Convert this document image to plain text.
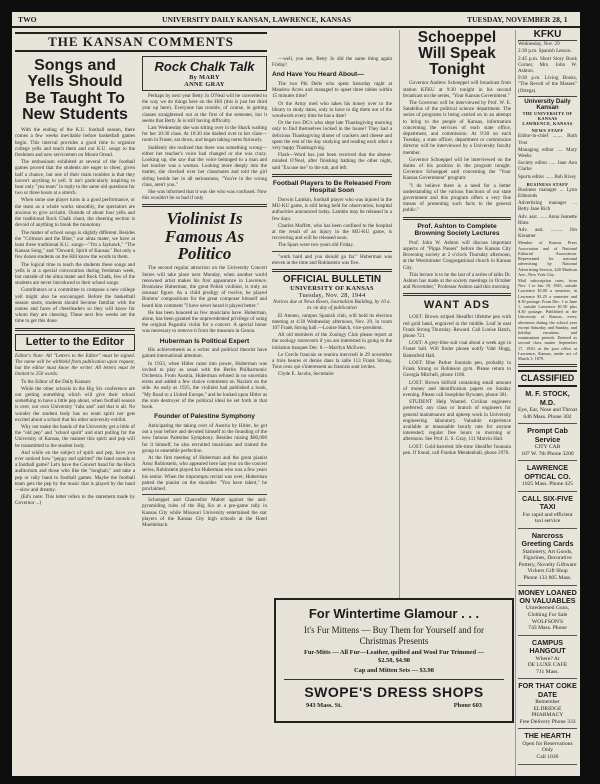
TWO	UNIVERSITY DAILY KANSAN, LAWRENCE, KANSAS	TUESDAY, NOVEMBER 28, 1
THE KANSAN COMMENTS
Songs and Yells Should Be Taught To New Students
With the ending of the K.U. football season, there comes a few weeks inevitable before basketball games begin. This interval provides a good time to organize college yells and teach them and our K.U. songs to the freshmen and new servicemen on Mount Oread.
The enthusiasm exhibited at several of the football games proved that the students are eager to cheer, given half a chance, but one of their main troubles is that they haven't anything to yell. It isn't particularly inspiring to hear only "yea team" in reply to the same old questions for two or three hours at a stretch.
When some one player turns in a good performance, or the team as a whole works smoothly, the spectators are anxious to give acclaim. Outside of about four yells and the traditional Rock Chalk chant, the cheering section is devoid of anything to break the monotony.
The matter of school songs is slightly different. Besides the "Crimson and the Blue," our alma mater, we have at least three traditional K.U. songs—"I'm a Jayhawk," "The Kansas Song," and "Onward, Spirit of Kansas." But only a few dozen students on the Hill know the words to them.
The logical time to teach the students these songs and yells is at a special convocation during freshman week, but outside of the alma mater and Rock Chalk, few of the students are never introduced to their school songs.
Contributors or a committee to compose a new college yell might also be encouraged. Before the basketball season starts, students should become familiar with the names and faces of cheerleaders so they will know for whom they are cheering. These next few weeks are the time to get this done.
Letter to the Editor
Editor's Note: All "Letters to the Editor" must be signed. The name will be withheld from publication upon request, but the editor must know the writer. All letters must be limited to 250 words.
To the Editor of the Daily Kansan:
While the other schools in the Big Six conference are out getting something which will give their school something to have a little pep about, when football season is over, our own University "rahs and" and that is all. No wonder the student body has no team spirit nor gets excited about a school that his other university exhibit.
Why not make the bands of the University get a little of the "old pep" and "school spirit" and start pulling for the University of Kansas, the manner this spirit and pep will be transmitted to the student body.
And while on the subject of spirit and pep, have you ever noticed how "peppy and spirited" the band sounds at a football game? Let's have the Concert band for the Hoch auditorium and those who like the "longhair," and take a pep or rally band to football games. Maybe the football team gets the pep by the music that is played by the band—slow and dreamy.
(Ed's note: This letter refers to the statement made by Governor ...)
Rock Chalk Talk
By MARY
ANNE GRAY
Perhaps by next year Betty Jo O'Neal will be converted to the way we do things here on the Hill (this is just her third year up here). Everyone has trouble, of course, in getting classes straightened out at the first of the semester, but it seems that Betty Jo is still having difficulty.
Last Wednesday she was sitting over in the Shack waiting for her 10:30 class. At 10:30 she dashed over to her class—room in Fraser, sat down, and began taking notes furiously.
Suddenly she realized that there was something wrong—either her teacher's voice had changed or she was crazy. Looking up, she saw that the voice belonged to a man and her teacher was a woman. Looking more deeply into the matter, she checked over her classmates and told the girl sitting beside her in all seriousness, "You're in the wrong class, aren't you."
She was informed that it was she who was confused. Now this wouldn't be so bad if only
Violinist Is Famous As Politico
The second regular attraction on the University Concert Series will take place next Monday, when another world renowned artist makes his first appearance in Lawrence. Bronislaw Huberman, the great Polish violinist, is truly an unusual figure. As a child prodigy of twelve, he played Brahms' compositions for the great composer himself and heard him comment "I have never heard it played better."
He has been honored as few musicians have. Huberman, alone, has been granted the unprecedented privilege of using the original Paganini violin for a concert. A special honor was necessary to remove it from the museum in Genoa.
Huberman Is Political Expert
His achievements as a writer and political theorist have gained international attention.
In 1933, when Hitler came into power, Huberman was invited to play as usual with the Berlin Philharmonic Orchestra. From Austria, Huberman refused in no uncertain terms and added a few choice comments on Nazism on the side. As early as 1925, the violinist had published a book, "My Road to a United Europe," and he looked upon Hitler as the sure destroyer of the political ideal he set forth in that book.
Founder of Palestine Symphony
Anticipating the taking over of Austria by Hitler, he got out a year before and devoted himself to the founding of the now famous Palestine Symphony. Besides raising $80,000 for it himself, he also recruited musicians and trained the group to ensemble perfection.
At the first meeting of Huberman and the great pianist Artur Rubinstein, who appeared here last year on the concert series, Rubinstein played for Huberman who was a few years his senior. When the impromptu recital was over, Huberman patted the pianist on the shoulder. "You have talent," he proclaimed.
Schoeppel and Chancellor Malott against the anti-pyramiding rules of the Big Six at a pre-game rally in Kansas City while Missouri University entertained the star players of the Kansas City high schools at the Hotel Muehlebach.
—well, you see, Betty Jo did the same thing again Friday!
And Have You Heard About—
The two Phi Delts who spent Saturday night at Meadow Acres and managed to upset three tables within 15 minutes time?
Or the Army med who takes his honey over to the library to study dates, only to have to dig them out of the woodwork every time he has a date?
Or the two DG's who slept late Thanksgiving morning only to find themselves locked in the house? They had a delicious Thanksgiving dinner of crackers and cheese and spent the rest of the day studying and reading each other a very happy Thanksgiving.
Flash—Word has just been received that the absent-minded O'Neal, after finishing bathing the other night, said "Excuse me" to the tub, and left.
Football Players to Be Released From Hospital Soon
Dorwin Lamkin, football player who was injured in the MU-KU game, is still being held for observation, hospital authorities announced today. Lamkin may be released in a few days.
Charles Moffett, who has been confined to the hospital at the result of an injury in the MU-KU game, is recovering and will be released soon.
The Spars were two years old Friday.
"work hard and you should go far." Huberman was eleven at the time and Rubinstein was five.
OFFICIAL BULLETIN
UNIVERSITY OF KANSAS
Tuesday, Nov. 28, 1944
Notices due at News Room, Journalism Building, by 10 a. m. on day of publication
El Ateneo, campus Spanish club, will hold its election meeting at 4:30 Wednesday afternoon, Nov. 29, in room 107 Frank Strong hall.—Louise Hatch, vice-president.
All old members of the Zoology Club please report at the zoology storeroom if you are interested in going to the initiation banquet Dec. 8.—Marilyn McEwen.
Le Cercle francais se reunira mercredi le 29 novembre a trois heures et demie dans la salle 113 Frank Strong. Tous ceux qui s'interessent au francais sont invites.
Clyde E. Jacobs, Secretaire
Schoeppel Will Speak Tonight
Governor Andrew Schoeppel will broadcast from station KFKU at 9:30 tonight in his second broadcast on the series, "Your Kansas Government."
The Governor will be interviewed by Prof. W. E. Sandelius of the political science department. The series of programs is being carried on in an attempt to bring to the people of Kansas, information concerning the services of each state office, department, and commission. At 9:30 on each Tuesday, a state officer, department or commission director will be interviewed by a University faculty member.
Governor Schoeppel will be interviewed on the duties of his position in the program tonight. Governor Schoeppel said concerning the "Your Kansas Government" program:
"I do believe there is a need for a better understanding of the various functions of our state government and this program offers a very fine means of presenting such facts to the general public."
Prof. Ashton to Complete Browning Society Lectures
Prof. John W. Ashton will discuss important aspects of "Pippa Passes" before the Kansas City Browning society at 2 o'clock Thursday afternoon, at the Westminster Congregational church in Kansas City.
This lecture is to be the last of a series of talks Dr. Ashton has made at the society meetings in October and November," Professor Ashton said this morning.
WANT ADS
LOST: Brown striped Sheaffer lifetime pen with red gold band, engraved in the middle. Leaf in east Frank Strong Thursday. Reward. Call Louise Hatch, phone 721.
LOST: A grey-blue suit coat about a week ago in Fraser hall. Will finder please notify Vahl Hogg, Battenfeld Hall.
LOST: Blue Parker fountain pen, probably in Frank Strong or Robinson gym. Please return to Georgia Mitchell, phone 1186.
LOST: Brown billfold containing small amount of money and identification papers on Sunday evening. Please call Josephine Bywater, phone 381.
STUDENT Help Wanted. Civilian engineers preferred; any class or branch of engineers for general maintenance and upkeep work in University engineering laboratory. Valuable experience available at reasonable hourly rate for anyone interested; regular free hours in morning or afternoon. See Prof. E. S. Gray, 111 Marvin Hall.
LOST: Gold-barreled life-time Sheaffer fountain pen. If found, call Frankie Mendenhall, phone 2976.
KFKU
Wednesday, Nov. 29
2:30 p.m. Spanish Lesson.
2:45 p.m. Short Story Book Corner, Mrs. John W. Ashton.
9:30 p.m. Living Books, "The Revolt of the Masses" (Ortega).
University Daily Kansan
THE UNIVERSITY OF KANSAS
LAWRENCE, KANSAS
NEWS STAFF
Editor-in-chief ........ Ruth Yost
Managing editor .... Mary Weeks
Society editor ..... Jane Ann Clarke
Sports editor ...... Bob Rixey
BUSINESS STAFF
Business manager ... Lynn Edmonds
Advertising manager ... Betty Jane Rich
Adv. asst. ...... Anna Jeanette Rhea
Adv. asst. ......... Jim Kreamer
Member of Kansas Press Association and of National Editorial Association. Represented for national advertising by National Advertising Service, 420 Madison Ave., New York City.
Mail subscription rates, from Nov. 1 to Jan. 19, 1945, outside Lawrence $1.00 a semester, in Lawrence $1.25 a semester and $.30 postage. From Dec. 1 to June 1, outside Lawrence $1.50 plus $.30 postage. Published at the University of Kansas, every afternoon during the school year except Saturday and Sunday, and holiday vacations and examination periods. Entered as second class matter September 17, 1910, at the post office at Lawrence, Kansas, under act of March 3, 1879.
CLASSIFIED
M. F. STOCK, M.D.
Eye, Ear, Nose and Throat
646 Mass. Phone 302
Prompt Cab Service
CITY CAB
107 W. 7th Phone 3200
LAWRENCE OPTICAL CO.
1025 Mass. Phone 425
CALL SIX-FIVE TAXI
For rapid and efficient taxi service
Narcross Greeting Cards
Stationery, Art Goods, Figurines, Decorative Pottery, Novelty Giftware
Vickers Gift Shop
Phone 133 805 Mass.
MONEY LOANED ON VALUABLES
Unredeemed Guns, Clothing For Sale
WOLFSON'S
743 Mass. Phone
CAMPUS HANGOUT
Where? At
DE LUXE CAFE
711 Mass.
FOR THAT COKE DATE
Remember
ELDRIDGE PHARMACY
Free Delivery Phone 333
THE HEARTH
Open for Reservations Only
Call 1036
For Wintertime Glamour . . .
It's Fur Mittens — Buy Them for Yourself and for Christmas Presents
Fur-Mitts — All Fur—Leather, quilted and Wool Fur Trimmed — $2.50, $4.98
Cap and Mitten Sets — $3.98
SWOPE'S DRESS SHOPS
943 Mass. St.	Phone 603
